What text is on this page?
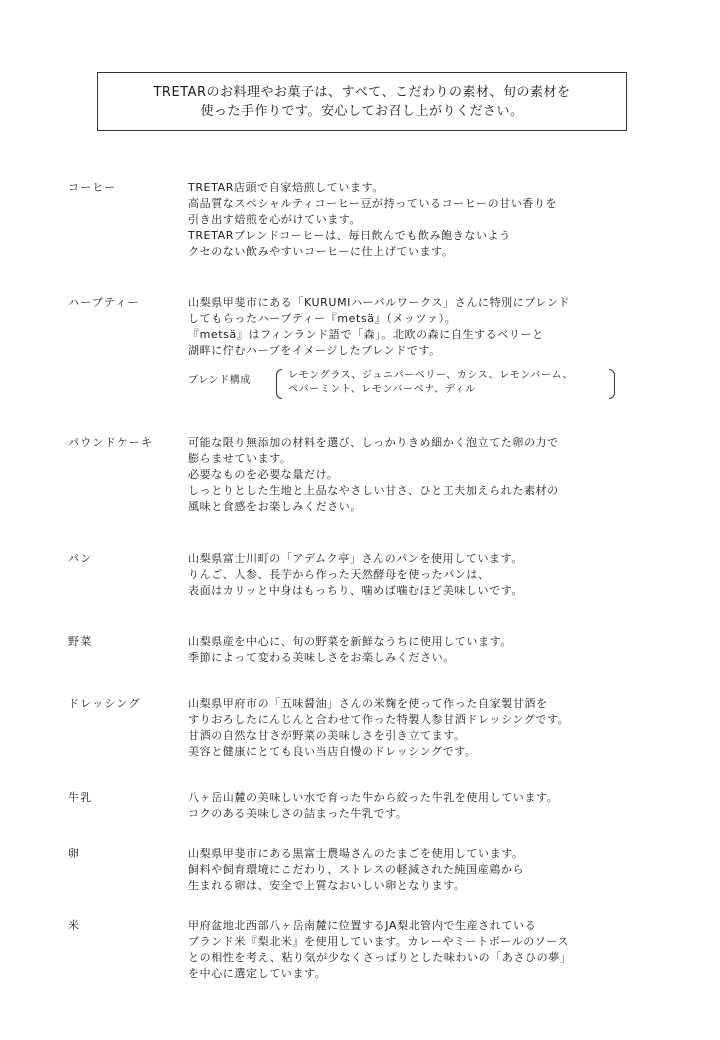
TRETARのお料理やお菓子は、すべて、こだわりの素材、旬の素材を
使った手作りです。安心してお召し上がりください。
コーヒー	TRETAR店頭で自家焙煎しています。
高品質なスペシャルティコーヒー豆が持っているコーヒーの甘い香りを
引き出す焙煎を心がけています。
TRETARブレンドコーヒーは、毎日飲んでも飲み飽きないよう
クセのない飲みやすいコーヒーに仕上げています。
ハーブティー	山梨県甲斐市にある「KURUMIハーバルワークス」さんに特別にブレンド
してもらったハーブティー『metsä』（メッツァ）。
『metsä』はフィンランド語で「森」。北欧の森に自生するベリーと
湖畔に佇むハーブをイメージしたブレンドです。
ブレンド構成	レモングラス、ジュニパーベリー、カシス、レモンバーム、
ペパーミント、レモンバーベナ、ディル
パウンドケーキ	可能な限り無添加の材料を選び、しっかりきめ細かく泡立てた卵の力で
膨らませています。
必要なものを必要な量だけ。
しっとりとした生地と上品なやさしい甘さ、ひと工夫加えられた素材の
風味と食感をお楽しみください。
パン	山梨県富士川町の「アデムク亭」さんのパンを使用しています。
りんご、人参、長芋から作った天然酵母を使ったパンは、
表面はカリッと中身はもっちり、噛めば噛むほど美味しいです。
野菜	山梨県産を中心に、旬の野菜を新鮮なうちに使用しています。
季節によって変わる美味しさをお楽しみください。
ドレッシング	山梨県甲府市の「五味醤油」さんの米麹を使って作った自家製甘酒を
すりおろしたにんじんと合わせて作った特製人参甘酒ドレッシングです。
甘酒の自然な甘さが野菜の美味しさを引き立てます。
美容と健康にとても良い当店自慢のドレッシングです。
牛乳	八ヶ岳山麓の美味しい水で育った牛から絞った牛乳を使用しています。
コクのある美味しさの詰まった牛乳です。
卵	山梨県甲斐市にある黒富士農場さんのたまごを使用しています。
飼料や飼育環境にこだわり、ストレスの軽減された純国産鶏から
生まれる卵は、安全で上質なおいしい卵となります。
米	甲府盆地北西部八ヶ岳南麓に位置するJA梨北管内で生産されている
ブランド米『梨北米』を使用しています。カレーやミートボールのソース
との相性を考え、粘り気が少なくさっぱりとした味わいの「あさひの夢」
を中心に選定しています。
